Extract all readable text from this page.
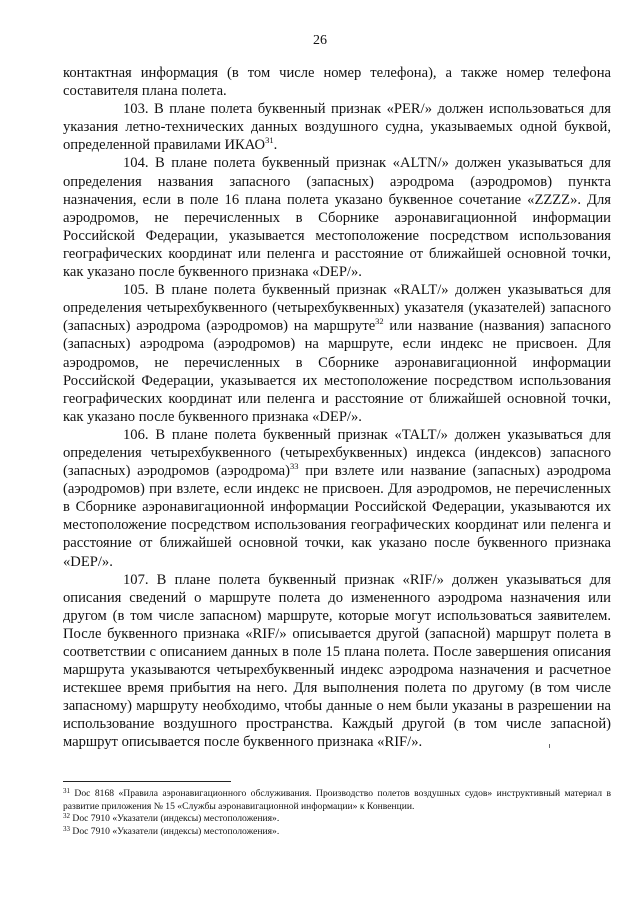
26

контактная информация (в том числе номер телефона), а также номер телефона составителя плана полета.

103. В плане полета буквенный признак «PER/» должен использоваться для указания летно-технических данных воздушного судна, указываемых одной буквой, определенной правилами ИКАО$^{31}$.

104. В плане полета буквенный признак «ALTN/» должен указываться для определения названия запасного (запасных) аэродрома (аэродромов) пункта назначения, если в поле 16 плана полета указано буквенное сочетание «ZZZZ». Для аэродромов, не перечисленных в Сборнике аэронавигационной информации Российской Федерации, указывается местоположение посредством использования географических координат или пеленга и расстояние от ближайшей основной точки, как указано после буквенного признака «DEP/».

105. В плане полета буквенный признак «RALT/» должен указываться для определения четырехбуквенного (четырехбуквенных) указателя (указателей) запасного (запасных) аэродрома (аэродромов) на маршруте$^{32}$ или название (названия) запасного (запасных) аэродрома (аэродромов) на маршруте, если индекс не присвоен. Для аэродромов, не перечисленных в Сборнике аэронавигационной информации Российской Федерации, указывается их местоположение посредством использования географических координат или пеленга и расстояние от ближайшей основной точки, как указано после буквенного признака «DEP/».

106. В плане полета буквенный признак «TALT/» должен указываться для определения четырехбуквенного (четырехбуквенных) индекса (индексов) запасного (запасных) аэродромов (аэродрома)$^{33}$ при взлете или название (запасных) аэродрома (аэродромов) при взлете, если индекс не присвоен. Для аэродромов, не перечисленных в Сборнике аэронавигационной информации Российской Федерации, указываются их местоположение посредством использования географических координат или пеленга и расстояние от ближайшей основной точки, как указано после буквенного признака «DEP/».

107. В плане полета буквенный признак «RIF/» должен указываться для описания сведений о маршруте полета до измененного аэродрома назначения или другом (в том числе запасном) маршруте, которые могут использоваться заявителем. После буквенного признака «RIF/» описывается другой (запасной) маршрут полета в соответствии с описанием данных в поле 15 плана полета. После завершения описания маршрута указываются четырехбуквенный индекс аэродрома назначения и расчетное истекшее время прибытия на него. Для выполнения полета по другому (в том числе запасному) маршруту необходимо, чтобы данные о нем были указаны в разрешении на использование воздушного пространства. Каждый другой (в том числе запасной) маршрут описывается после буквенного признака «RIF/».

$^{31}$ Doc 8168 «Правила аэронавигационного обслуживания. Производство полетов воздушных судов» инструктивный материал в развитие приложения № 15 «Службы аэронавигационной информации» к Конвенции.

$^{32}$ Doc 7910 «Указатели (индексы) местоположения».

$^{33}$ Doc 7910 «Указатели (индексы) местоположения».
